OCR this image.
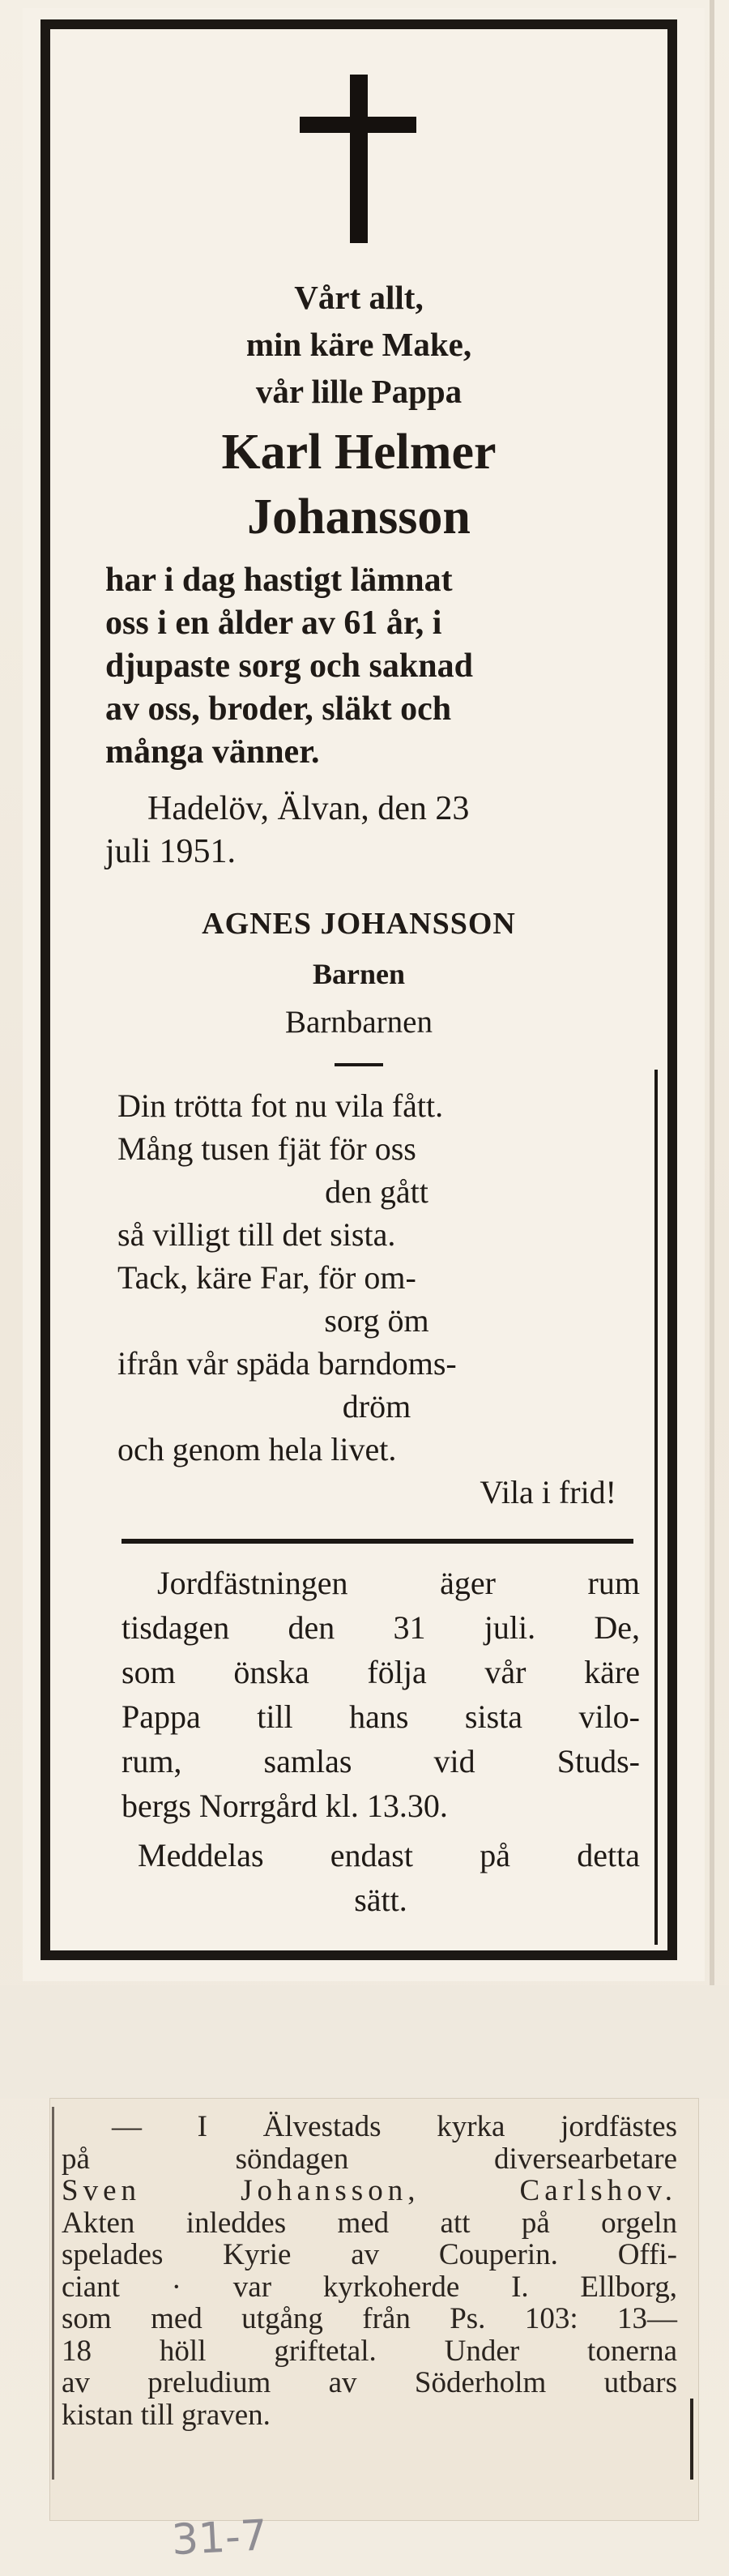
Vårt allt,
min käre Make,
vår lille Pappa
Karl Helmer
Johansson
har i dag hastigt lämnat
oss i en ålder av 61 år, i
djupaste sorg och saknad
av oss, broder, släkt och
många vänner.
Hadelöv, Älvan, den 23
juli 1951.
AGNES JOHANSSON
Barnen
Barnbarnen
Din trötta fot nu vila fått.
Mång tusen fjät för oss
den gått
så villigt till det sista.
Tack, käre Far, för om-
sorg öm
ifrån vår späda barndoms-
dröm
och genom hela livet.
Vila i frid!
Jordfästningen äger rum
tisdagen den 31 juli. De,
som önska följa vår käre
Pappa till hans sista vilo-
rum, samlas vid Studs-
bergs Norrgård kl. 13.30.
Meddelas endast på detta
sätt.
— I Älvestads kyrka jordfästes
på söndagen diversearbetare
Sven Johansson, Carlshov.
Akten inleddes med att på orgeln
spelades Kyrie av Couperin. Offi-
ciant · var kyrkoherde I. Ellborg,
som med utgång från Ps. 103: 13—
18 höll griftetal. Under tonerna
av preludium av Söderholm utbars
kistan till graven.
31-7
